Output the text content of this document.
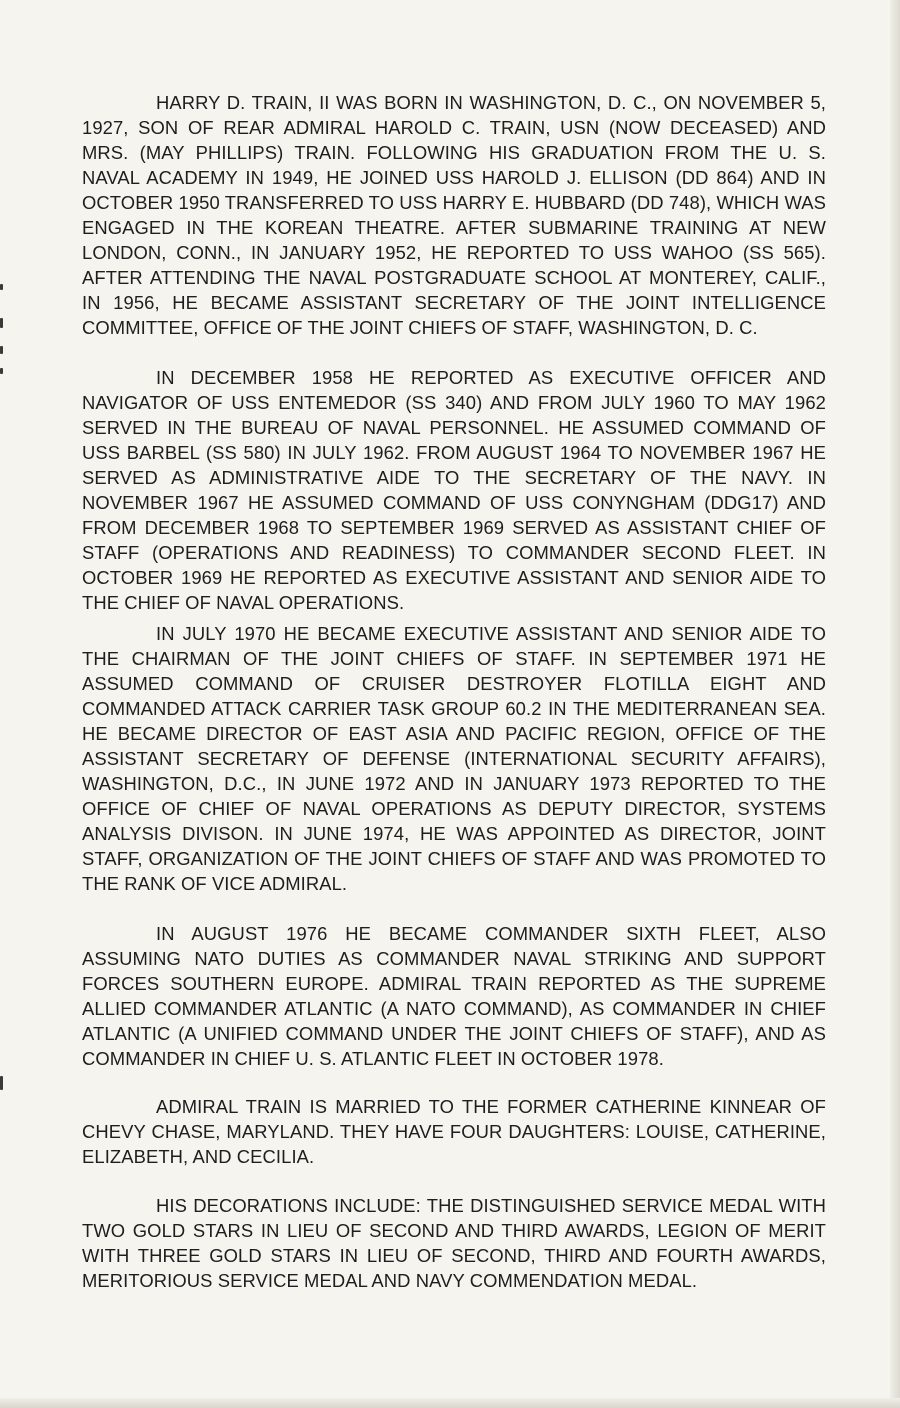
HARRY D. TRAIN, II WAS BORN IN WASHINGTON, D. C., ON NOVEMBER 5, 1927, SON OF REAR ADMIRAL HAROLD C. TRAIN, USN (NOW DECEASED) AND MRS. (MAY PHILLIPS) TRAIN. FOLLOWING HIS GRADUATION FROM THE U. S. NAVAL ACADEMY IN 1949, HE JOINED USS HAROLD J. ELLISON (DD 864) AND IN OCTOBER 1950 TRANSFERRED TO USS HARRY E. HUBBARD (DD 748), WHICH WAS ENGAGED IN THE KOREAN THEATRE. AFTER SUBMARINE TRAINING AT NEW LONDON, CONN., IN JANUARY 1952, HE REPORTED TO USS WAHOO (SS 565). AFTER ATTENDING THE NAVAL POSTGRADUATE SCHOOL AT MONTEREY, CALIF., IN 1956, HE BECAME ASSISTANT SECRETARY OF THE JOINT INTELLIGENCE COMMITTEE, OFFICE OF THE JOINT CHIEFS OF STAFF, WASHINGTON, D. C.

IN DECEMBER 1958 HE REPORTED AS EXECUTIVE OFFICER AND NAVIGATOR OF USS ENTEMEDOR (SS 340) AND FROM JULY 1960 TO MAY 1962 SERVED IN THE BUREAU OF NAVAL PERSONNEL. HE ASSUMED COMMAND OF USS BARBEL (SS 580) IN JULY 1962. FROM AUGUST 1964 TO NOVEMBER 1967 HE SERVED AS ADMINISTRATIVE AIDE TO THE SECRETARY OF THE NAVY. IN NOVEMBER 1967 HE ASSUMED COMMAND OF USS CONYNGHAM (DDG17) AND FROM DECEMBER 1968 TO SEPTEMBER 1969 SERVED AS ASSISTANT CHIEF OF STAFF (OPERATIONS AND READINESS) TO COMMANDER SECOND FLEET. IN OCTOBER 1969 HE REPORTED AS EXECUTIVE ASSISTANT AND SENIOR AIDE TO THE CHIEF OF NAVAL OPERATIONS.

IN JULY 1970 HE BECAME EXECUTIVE ASSISTANT AND SENIOR AIDE TO THE CHAIRMAN OF THE JOINT CHIEFS OF STAFF. IN SEPTEMBER 1971 HE ASSUMED COMMAND OF CRUISER DESTROYER FLOTILLA EIGHT AND COMMANDED ATTACK CARRIER TASK GROUP 60.2 IN THE MEDITERRANEAN SEA. HE BECAME DIRECTOR OF EAST ASIA AND PACIFIC REGION, OFFICE OF THE ASSISTANT SECRETARY OF DEFENSE (INTERNATIONAL SECURITY AFFAIRS), WASHINGTON, D.C., IN JUNE 1972 AND IN JANUARY 1973 REPORTED TO THE OFFICE OF CHIEF OF NAVAL OPERATIONS AS DEPUTY DIRECTOR, SYSTEMS ANALYSIS DIVISON. IN JUNE 1974, HE WAS APPOINTED AS DIRECTOR, JOINT STAFF, ORGANIZATION OF THE JOINT CHIEFS OF STAFF AND WAS PROMOTED TO THE RANK OF VICE ADMIRAL.

IN AUGUST 1976 HE BECAME COMMANDER SIXTH FLEET, ALSO ASSUMING NATO DUTIES AS COMMANDER NAVAL STRIKING AND SUPPORT FORCES SOUTHERN EUROPE. ADMIRAL TRAIN REPORTED AS THE SUPREME ALLIED COMMANDER ATLANTIC (A NATO COMMAND), AS COMMANDER IN CHIEF ATLANTIC (A UNIFIED COMMAND UNDER THE JOINT CHIEFS OF STAFF), AND AS COMMANDER IN CHIEF U. S. ATLANTIC FLEET IN OCTOBER 1978.

ADMIRAL TRAIN IS MARRIED TO THE FORMER CATHERINE KINNEAR OF CHEVY CHASE, MARYLAND. THEY HAVE FOUR DAUGHTERS: LOUISE, CATHERINE, ELIZABETH, AND CECILIA.

HIS DECORATIONS INCLUDE: THE DISTINGUISHED SERVICE MEDAL WITH TWO GOLD STARS IN LIEU OF SECOND AND THIRD AWARDS, LEGION OF MERIT WITH THREE GOLD STARS IN LIEU OF SECOND, THIRD AND FOURTH AWARDS, MERITORIOUS SERVICE MEDAL AND NAVY COMMENDATION MEDAL.
